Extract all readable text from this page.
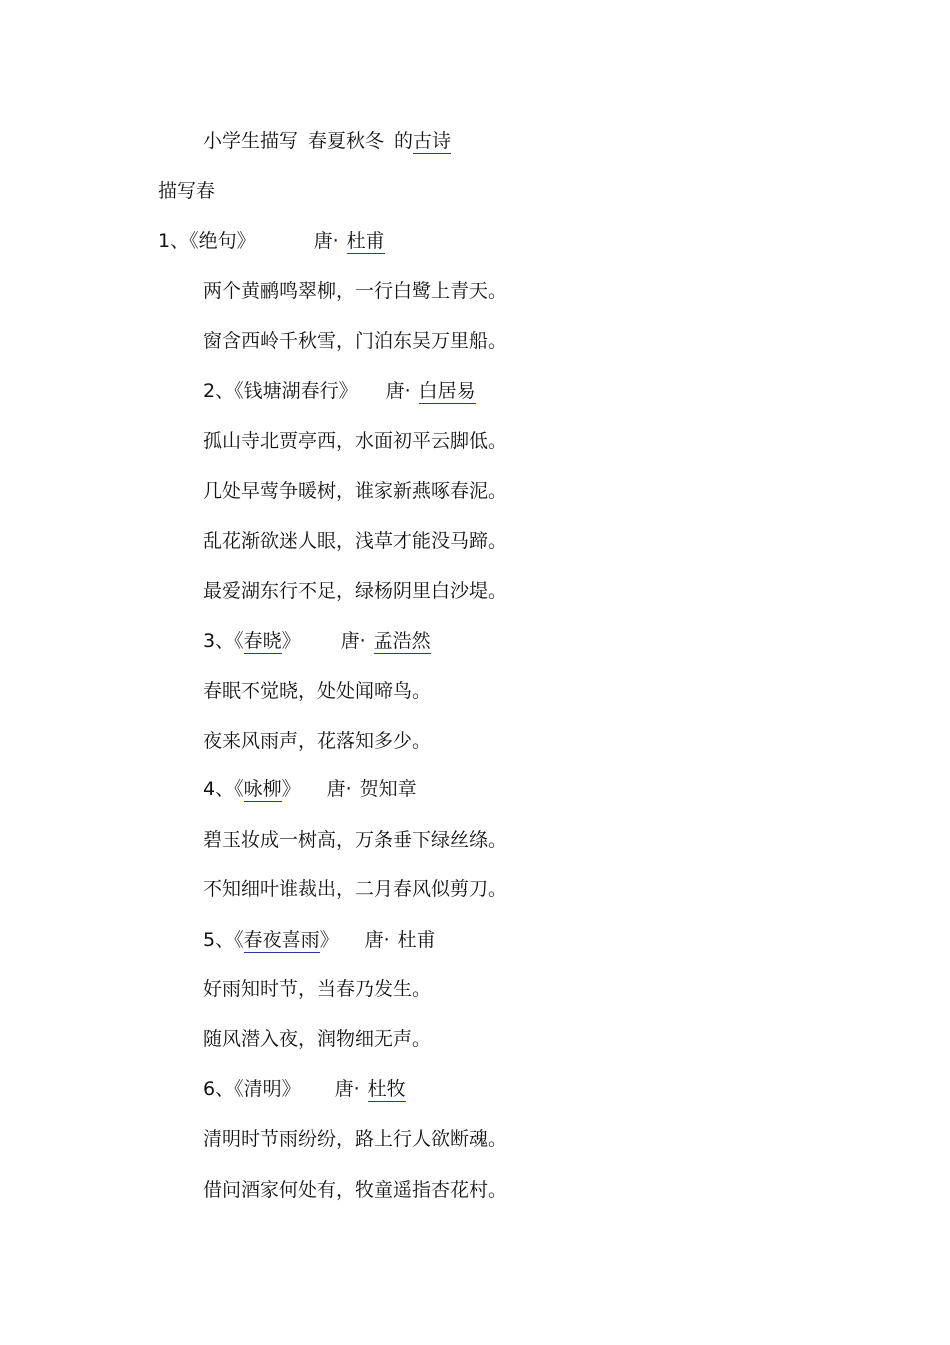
小学生描写 春夏秋冬 的古诗
描写春
1、《绝句》	唐· 杜甫
两个黄鹂鸣翠柳，一行白鹭上青天。
窗含西岭千秋雪，门泊东吴万里船。
2、《钱塘湖春行》 唐· 白居易
孤山寺北贾亭西，水面初平云脚低。
几处早莺争暖树，谁家新燕啄春泥。
乱花渐欲迷人眼，浅草才能没马蹄。
最爱湖东行不足，绿杨阴里白沙堤。
3、《春晓》 唐· 孟浩然
春眠不觉晓，处处闻啼鸟。
夜来风雨声，花落知多少。
4、《咏柳》 唐· 贺知章
碧玉妆成一树高，万条垂下绿丝绦。
不知细叶谁裁出，二月春风似剪刀。
5、《春夜喜雨》 唐· 杜甫
好雨知时节，当春乃发生。
随风潜入夜，润物细无声。
6、《清明》 唐· 杜牧
清明时节雨纷纷，路上行人欲断魂。
借问酒家何处有，牧童遥指杏花村。
